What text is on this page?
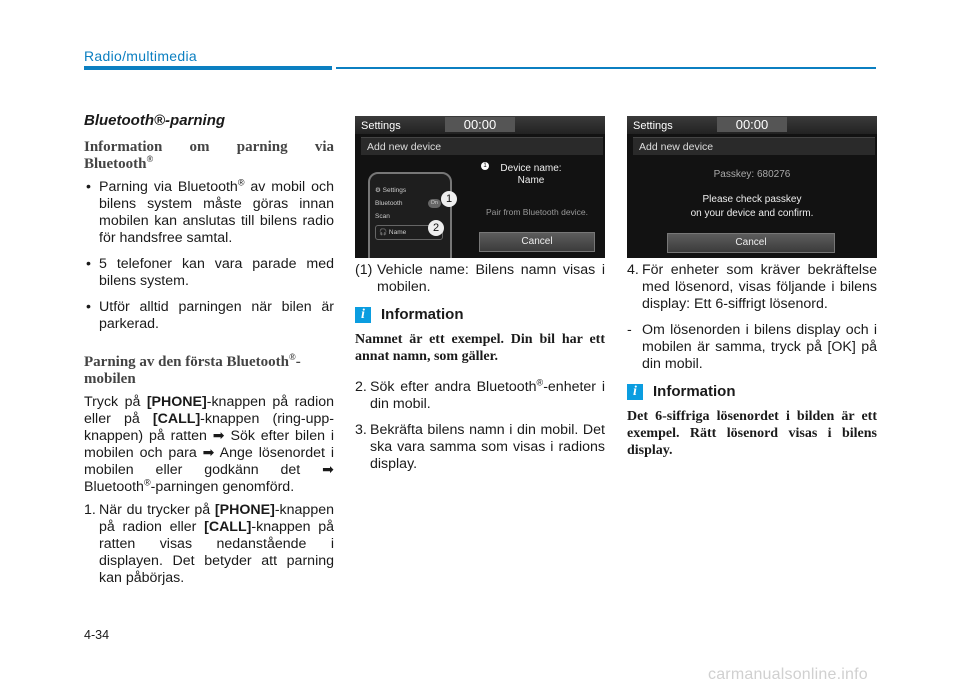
Radio/multimedia
Bluetooth®-parning
Information om parning via
Bluetooth®
• Parning via Bluetooth® av mobil och bilens system måste göras innan mobilen kan anslutas till bilens radio för handsfree samtal.
• 5 telefoner kan vara parade med bilens system.
• Utför alltid parningen när bilen är parkerad.
Parning av den första Bluetooth®-
mobilen

Tryck på [PHONE]-knappen på radion eller på [CALL]-knappen (ring-upp-knappen) på ratten ➡ Sök efter bilen i mobilen och para ➡ Ange lösenordet i mobilen eller godkänn det ➡ Bluetooth®-parningen genomförd.

1. När du trycker på [PHONE]-knappen på radion eller [CALL]-knappen på ratten visas nedanstående i displayen. Det betyder att parning kan påbörjas.
Settings	00:00
Add new device
⚙ Settings
Bluetooth	On
Scan
🎧 Name
1
2
1	Device name:
Name
Pair from Bluetooth device.
Cancel
(1) Vehicle name: Bilens namn visas i mobilen.
i	Information
Namnet är ett exempel. Din bil har ett annat namn, som gäller.
2. Sök efter andra Bluetooth®-enheter i din mobil.
3. Bekräfta bilens namn i din mobil. Det ska vara samma som visas i radions display.
Settings	00:00
Add new device
Passkey: 680276
Please check passkey
on your device and confirm.
Cancel
4. För enheter som kräver bekräftelse med lösenord, visas följande i bilens display: Ett 6-siffrigt lösenord.
- Om lösenorden i bilens display och i mobilen är samma, tryck på [OK] på din mobil.
i	Information
Det 6-siffriga lösenordet i bilden är ett exempel. Rätt lösenord visas i bilens display.
4-34
carmanualsonline.info
